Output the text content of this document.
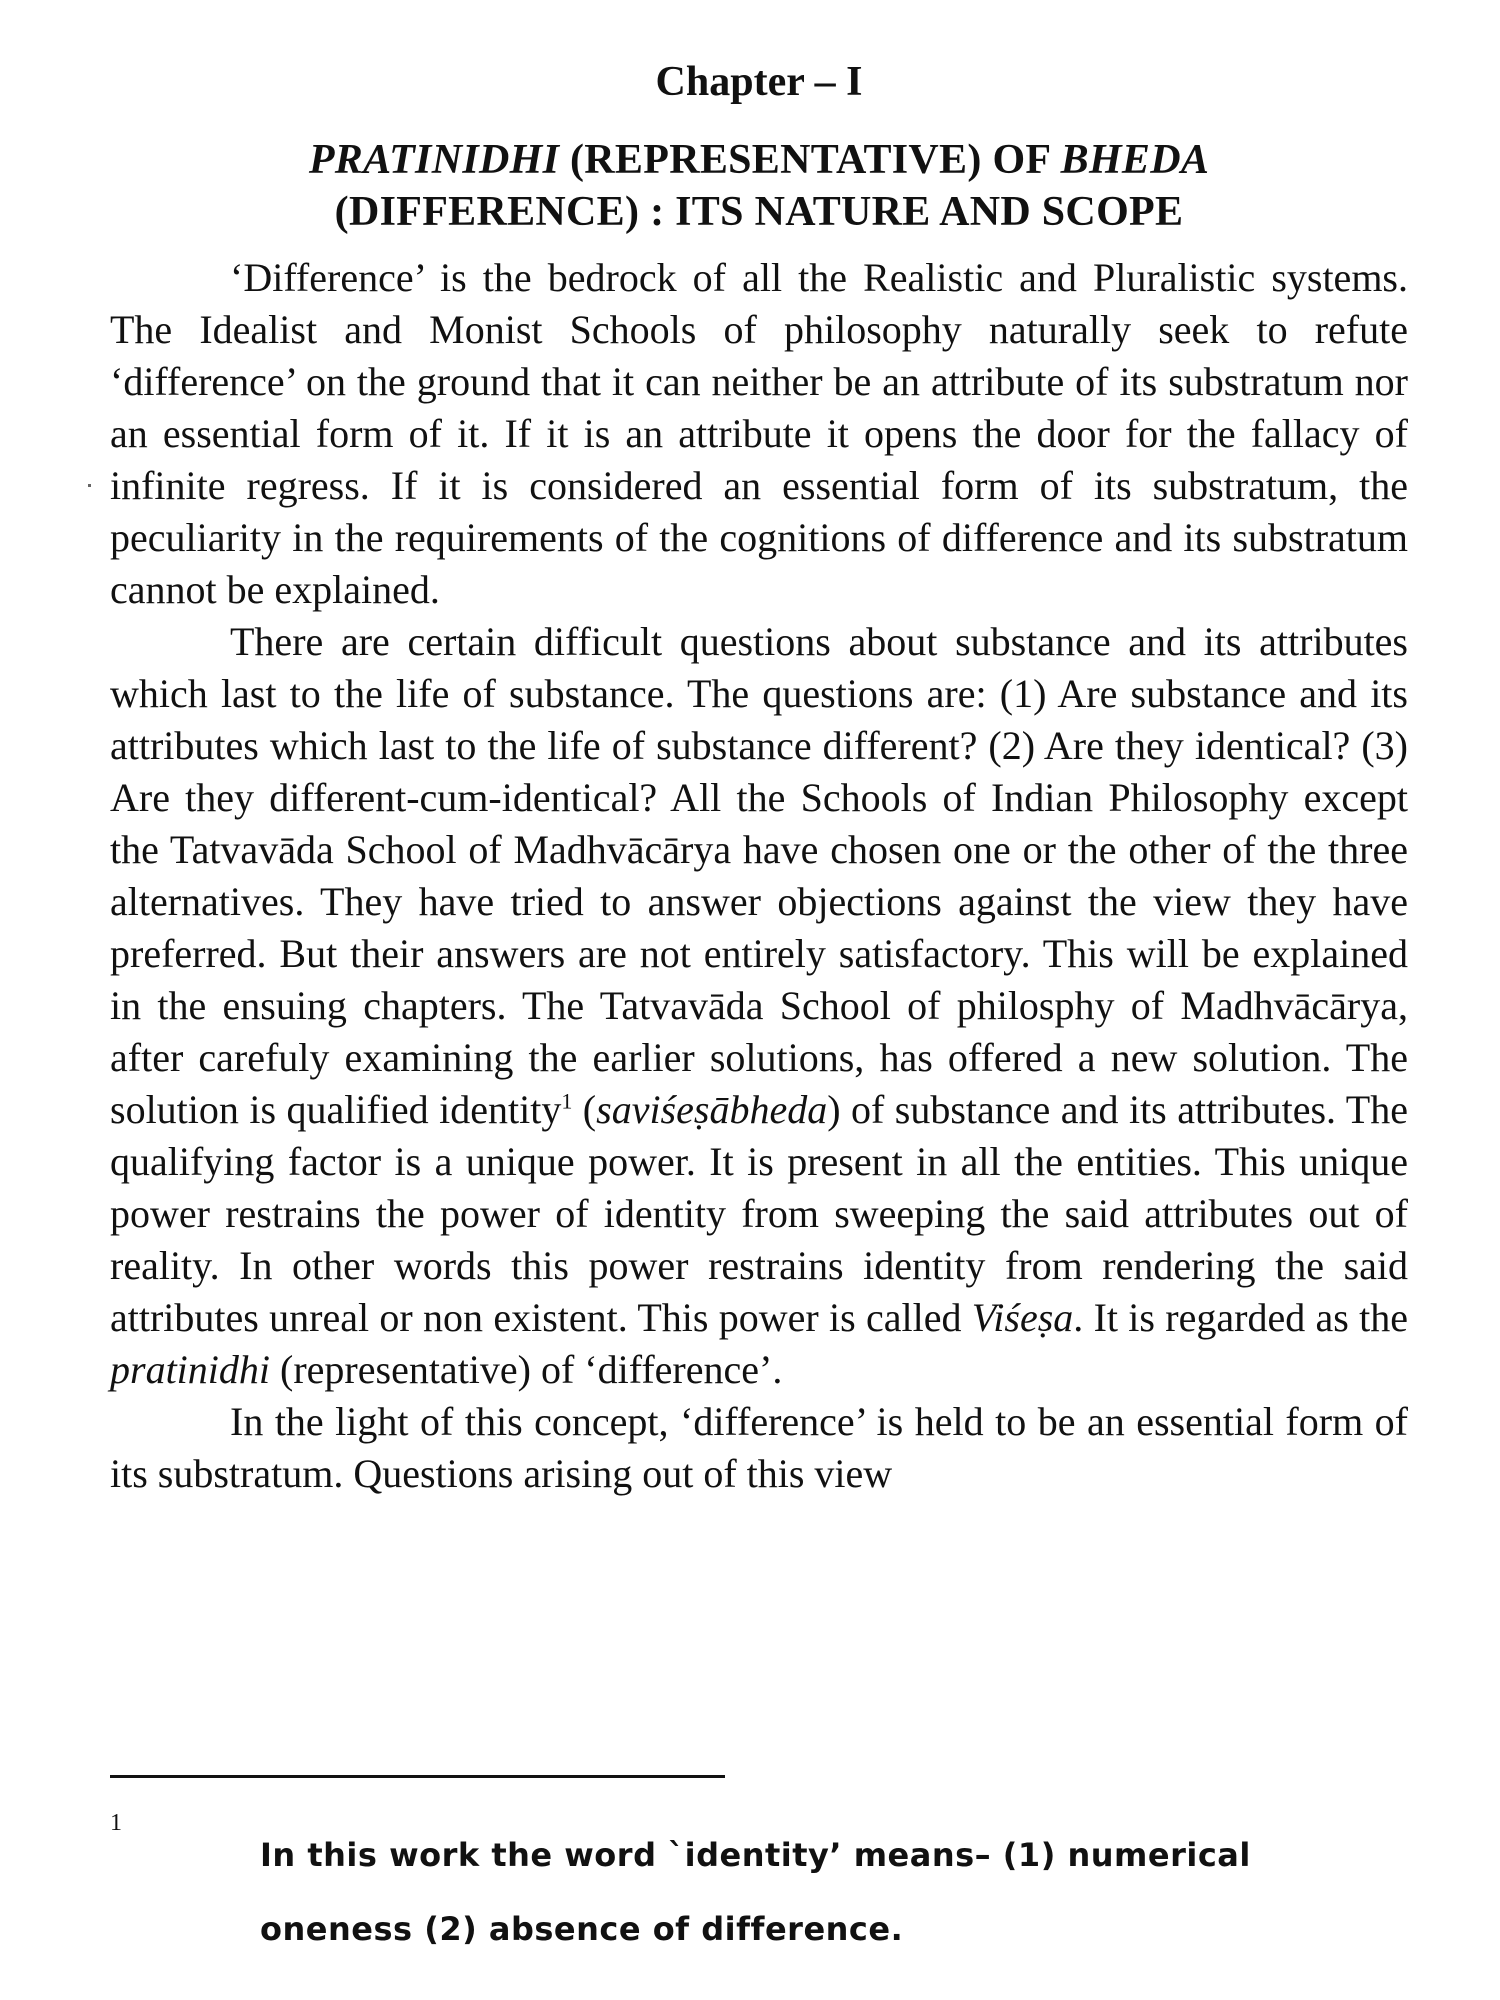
Chapter – I
PRATINIDHI (REPRESENTATIVE) OF BHEDA
(DIFFERENCE) : ITS NATURE AND SCOPE

‘Difference’ is the bedrock of all the Realistic and Pluralistic systems. The Idealist and Monist Schools of philosophy naturally seek to refute ‘difference’ on the ground that it can neither be an attribute of its substratum nor an essential form of it. If it is an attribute it opens the door for the fallacy of infinite regress. If it is considered an essential form of its substratum, the peculiarity in the requirements of the cognitions of difference and its substratum cannot be explained.

There are certain difficult questions about substance and its attributes which last to the life of substance. The questions are: (1) Are substance and its attributes which last to the life of substance different? (2) Are they identical? (3) Are they different-cum-identical? All the Schools of Indian Philosophy except the Tatvavāda School of Madhvācārya have chosen one or the other of the three alternatives. They have tried to answer objections against the view they have preferred. But their answers are not entirely satisfactory. This will be explained in the ensuing chapters. The Tatvavāda School of philosphy of Madhvācārya, after carefuly examining the earlier solutions, has offered a new solution. The solution is qualified identity$^1$ (saviśeṣābheda) of substance and its attributes. The qualifying factor is a unique power. It is present in all the entities. This unique power restrains the power of identity from sweeping the said attributes out of reality. In other words this power restrains identity from rendering the said attributes unreal or non existent. This power is called Viśeṣa. It is regarded as the pratinidhi (representative) of ‘difference’.

In the light of this concept, ‘difference’ is held to be an essential form of its substratum. Questions arising out of this view

1
In this work the word `identity’ means– (1) numerical
oneness (2) absence of difference.
